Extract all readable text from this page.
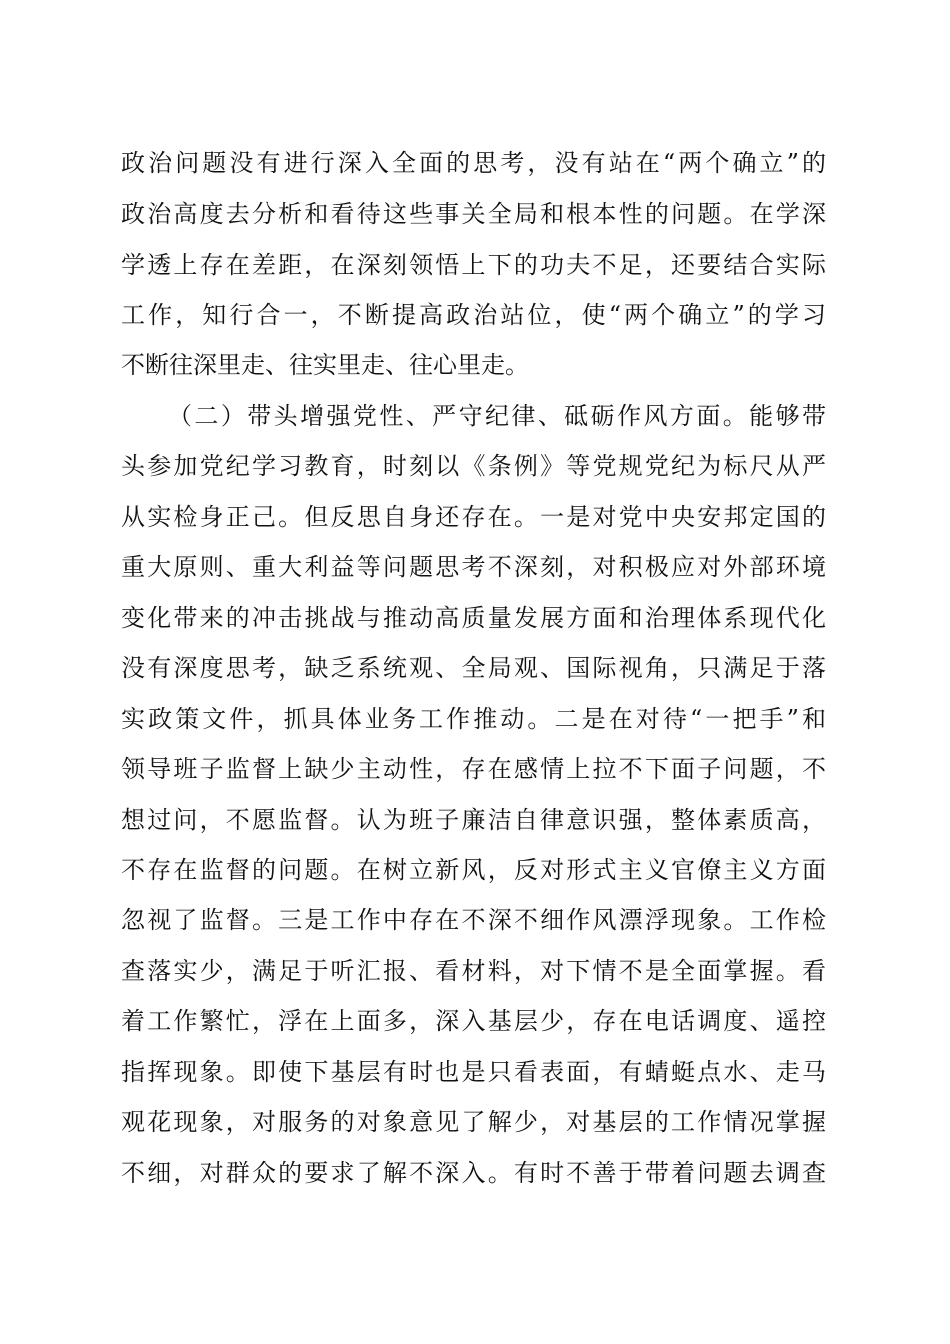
政治问题没有进行深入全面的思考，没有站在“两个确立”的
政治高度去分析和看待这些事关全局和根本性的问题。在学深
学透上存在差距，在深刻领悟上下的功夫不足，还要结合实际
工作，知行合一，不断提高政治站位，使“两个确立”的学习
不断往深里走、往实里走、往心里走。
（二）带头增强党性、严守纪律、砥砺作风方面。能够带
头参加党纪学习教育，时刻以《条例》等党规党纪为标尺从严
从实检身正己。但反思自身还存在。一是对党中央安邦定国的
重大原则、重大利益等问题思考不深刻，对积极应对外部环境
变化带来的冲击挑战与推动高质量发展方面和治理体系现代化
没有深度思考，缺乏系统观、全局观、国际视角，只满足于落
实政策文件，抓具体业务工作推动。二是在对待“一把手”和
领导班子监督上缺少主动性，存在感情上拉不下面子问题，不
想过问，不愿监督。认为班子廉洁自律意识强，整体素质高，
不存在监督的问题。在树立新风，反对形式主义官僚主义方面
忽视了监督。三是工作中存在不深不细作风漂浮现象。工作检
查落实少，满足于听汇报、看材料，对下情不是全面掌握。看
着工作繁忙，浮在上面多，深入基层少，存在电话调度、遥控
指挥现象。即使下基层有时也是只看表面，有蜻蜓点水、走马
观花现象，对服务的对象意见了解少，对基层的工作情况掌握
不细，对群众的要求了解不深入。有时不善于带着问题去调查
